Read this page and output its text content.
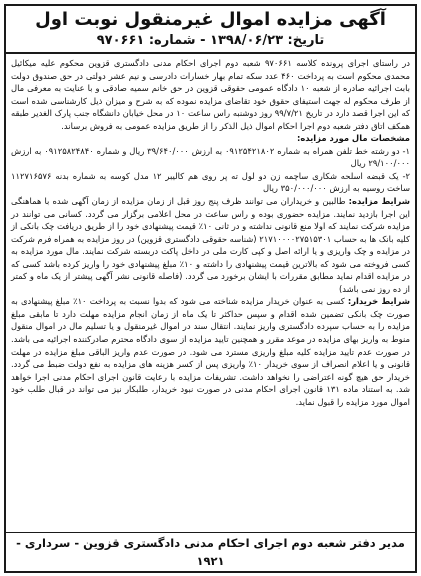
آگهی مزایده اموال غیرمنقول نوبت اول
تاریخ: ۱۳۹۸/۰۶/۲۳ - شماره: ۹۷۰۶۶۱

در راستای اجرای پرونده کلاسه ۹۷۰۶۶۱ شعبه دوم اجرای احکام مدنی دادگستری قزوین محکوم علیه میکائیل محمدی محکوم است به پرداخت ۴۶۰ عدد سکه تمام بهار خسارات دادرسی و نیم عشر دولتی در حق صندوق دولت بابت اجرائیه صادره از شعبه ۱۰ دادگاه عمومی حقوقی قزوین در حق خانم سمیه صادقی و با عنایت به معرفی مال از طرف محکوم له جهت استیفای حقوق خود تقاضای مزایده نموده که به شرح و میزان ذیل کارشناسی شده است که این اجرا قصد دارد در تاریخ ۹۹/۷/۲۱ روز دوشنبه راس ساعت ۱۰ در محل خیابان دانشگاه جنب پارک الغدیر طبقه همکف اتاق دفتر شعبه دوم اجرا احکام اموال ذیل الذکر را از طریق مزایده عمومی به فروش برساند.

مشخصات مال مورد مزایده:

۱- دو رشته خط تلفن همراه به شماره ۰۹۱۲۵۴۲۱۸۰۲ به ارزش ۳۹/۶۴۰/۰۰۰ ریال و شماره ۰۹۱۲۵۸۲۴۸۴۰ به ارزش ۲۹/۱۰۰/۰۰۰ ریال

۲- یک قبضه اسلحه شکاری ساچمه زن دو لول ته پر روی هم کالیبر ۱۲ مدل کوسه به شماره بدنه ۱۱۲۷۱۶۵۷۶ ساخت روسیه به ارزش ۳۵۰/۰۰۰/۰۰۰ ریال

شرایط مزایده: طالبین و خریداران می توانند ظرف پنج روز قبل از زمان مزایده از زمان آگهی شده با هماهنگی این اجرا بازدید نمایند. مزایده حضوری بوده و راس ساعت در محل اعلامی برگزار می گردد. کسانی می توانند در مزایده شرکت نمایند که اولا منع قانونی نداشته و در ثانی ۱۰٪ قیمت پیشنهادی خود را از طریق دریافت چک بانکی از کلیه بانک ها به حساب ۲۱۷۱۰۰۰۰۲۷۵۱۵۳۰۱ (شناسه حقوقی دادگستری قزوین) در روز مزایده به همراه فرم شرکت در مزایده و چک واریزی و یا ارائه اصل و کپی کارت ملی در داخل پاکت دربسته شرکت نمایند. مال مورد مزایده به کسی فروخته می شود که بالاترین قیمت پیشنهادی را داشته و ۱۰٪ مبلغ پیشنهادی خود را واریز کرده باشد کسی که در مزایده اقدام نماید مطابق مقررات با ایشان برخورد می گردد. (فاصله قانونی نشر آگهی پیشتر از یک ماه و کمتر از ده روز نمی باشد)

شرایط خریدار: کسی به عنوان خریدار مزایده شناخته می شود که بدوا نسبت به پرداخت ۱۰٪ مبلغ پیشنهادی به صورت چک بانکی تضمین شده اقدام و سپس حداکثر تا یک ماه از زمان انجام مزایده مهلت دارد تا مابقی مبلغ مزایده را به حساب سپرده دادگستری واریز نمایند. انتقال سند در اموال غیرمنقول و یا تسلیم مال در اموال منقول منوط به واریز بهای مزایده در موعد مقرر و همچنین تایید مزایده از سوی دادگاه محترم صادرکننده اجرائیه می باشد. در صورت عدم تایید مزایده کلیه مبلغ واریزی مسترد می شود. در صورت عدم واریز الباقی مبلغ مزایده در مهلت قانونی و یا اعلام انصراف از سوی خریدار ۱۰٪ واریزی پس از کسر هزینه های مزایده به نفع دولت ضبط می گردد. خریدار حق هیچ گونه اعتراضی را نخواهد داشت. تشریفات مزایده با رعایت قانون اجرای احکام مدنی اجرا خواهد شد. به استناد ماده ۱۳۱ قانون اجرای احکام مدنی در صورت نبود خریدار، طلبکار نیز می تواند در قبال طلب خود اموال مورد مزایده را قبول نماید.

مدیر دفتر شعبه دوم اجرای احکام مدنی دادگستری قزوین - سرداری - ۱۹۲۱
